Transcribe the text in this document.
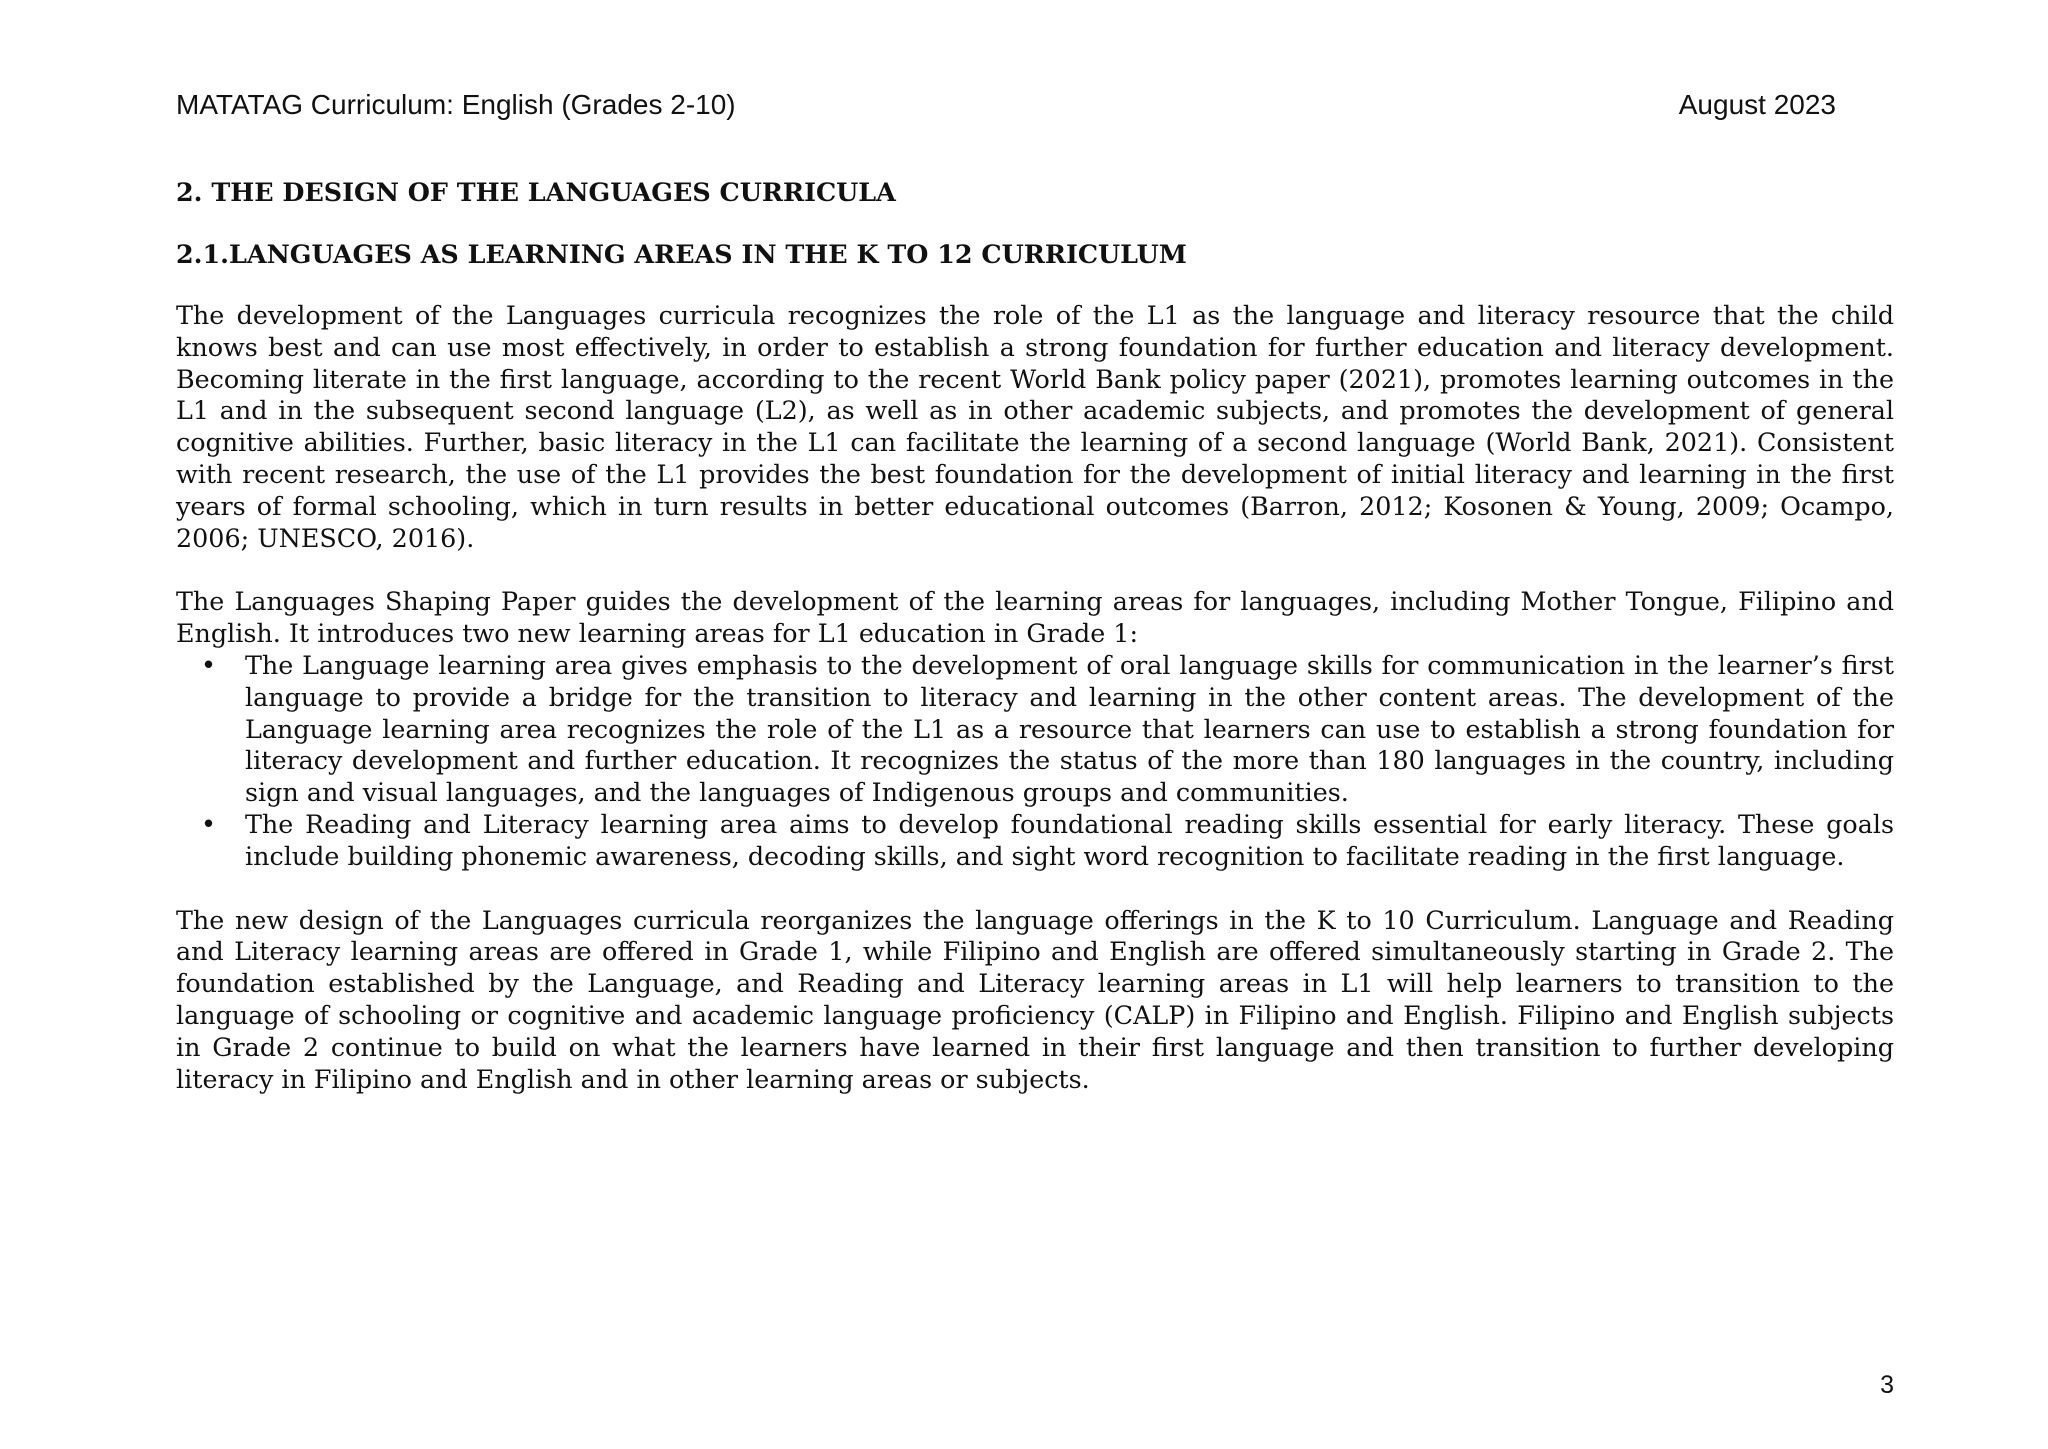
MATATAG Curriculum: English (Grades 2-10)	August 2023
2. THE DESIGN OF THE LANGUAGES CURRICULA
2.1.LANGUAGES AS LEARNING AREAS IN THE K TO 12 CURRICULUM

The development of the Languages curricula recognizes the role of the L1 as the language and literacy resource that the child knows best and can use most effectively, in order to establish a strong foundation for further education and literacy development. Becoming literate in the first language, according to the recent World Bank policy paper (2021), promotes learning outcomes in the L1 and in the subsequent second language (L2), as well as in other academic subjects, and promotes the development of general cognitive abilities. Further, basic literacy in the L1 can facilitate the learning of a second language (World Bank, 2021). Consistent with recent research, the use of the L1 provides the best foundation for the development of initial literacy and learning in the first years of formal schooling, which in turn results in better educational outcomes (Barron, 2012; Kosonen & Young, 2009; Ocampo, 2006; UNESCO, 2016).

The Languages Shaping Paper guides the development of the learning areas for languages, including Mother Tongue, Filipino and English. It introduces two new learning areas for L1 education in Grade 1:

• The Language learning area gives emphasis to the development of oral language skills for communication in the learner’s first language to provide a bridge for the transition to literacy and learning in the other content areas. The development of the Language learning area recognizes the role of the L1 as a resource that learners can use to establish a strong foundation for literacy development and further education. It recognizes the status of the more than 180 languages in the country, including sign and visual languages, and the languages of Indigenous groups and communities.
• The Reading and Literacy learning area aims to develop foundational reading skills essential for early literacy. These goals include building phonemic awareness, decoding skills, and sight word recognition to facilitate reading in the first language.

The new design of the Languages curricula reorganizes the language offerings in the K to 10 Curriculum. Language and Reading and Literacy learning areas are offered in Grade 1, while Filipino and English are offered simultaneously starting in Grade 2. The foundation established by the Language, and Reading and Literacy learning areas in L1 will help learners to transition to the language of schooling or cognitive and academic language proficiency (CALP) in Filipino and English. Filipino and English subjects in Grade 2 continue to build on what the learners have learned in their first language and then transition to further developing literacy in Filipino and English and in other learning areas or subjects.

3
